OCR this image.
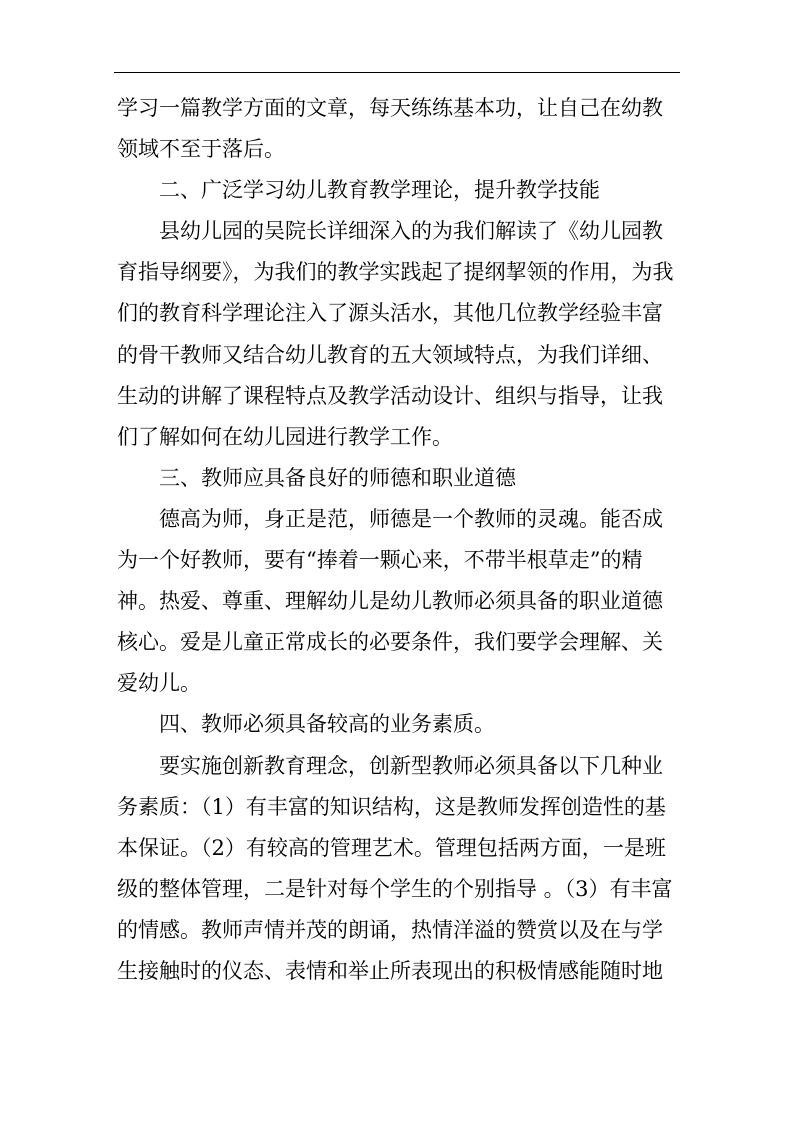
学习一篇教学方面的文章，每天练练基本功，让自己在幼教
领域不至于落后。
二、广泛学习幼儿教育教学理论，提升教学技能
县幼儿园的吴院长详细深入的为我们解读了《幼儿园教
育指导纲要》，为我们的教学实践起了提纲挈领的作用，为我
们的教育科学理论注入了源头活水，其他几位教学经验丰富
的骨干教师又结合幼儿教育的五大领域特点，为我们详细、
生动的讲解了课程特点及教学活动设计、组织与指导，让我
们了解如何在幼儿园进行教学工作。
三、教师应具备良好的师德和职业道德
德高为师，身正是范，师德是一个教师的灵魂。能否成
为一个好教师，要有“捧着一颗心来，不带半根草走”的精
神。热爱、尊重、理解幼儿是幼儿教师必须具备的职业道德
核心。爱是儿童正常成长的必要条件，我们要学会理解、关
爱幼儿。
四、教师必须具备较高的业务素质。
要实施创新教育理念，创新型教师必须具备以下几种业
务素质：（1）有丰富的知识结构，这是教师发挥创造性的基
本保证。（2）有较高的管理艺术。管理包括两方面，一是班
级的整体管理，二是针对每个学生的个别指导 。（3）有丰富
的情感。教师声情并茂的朗诵，热情洋溢的赞赏以及在与学
生接触时的仪态、表情和举止所表现出的积极情感能随时地
